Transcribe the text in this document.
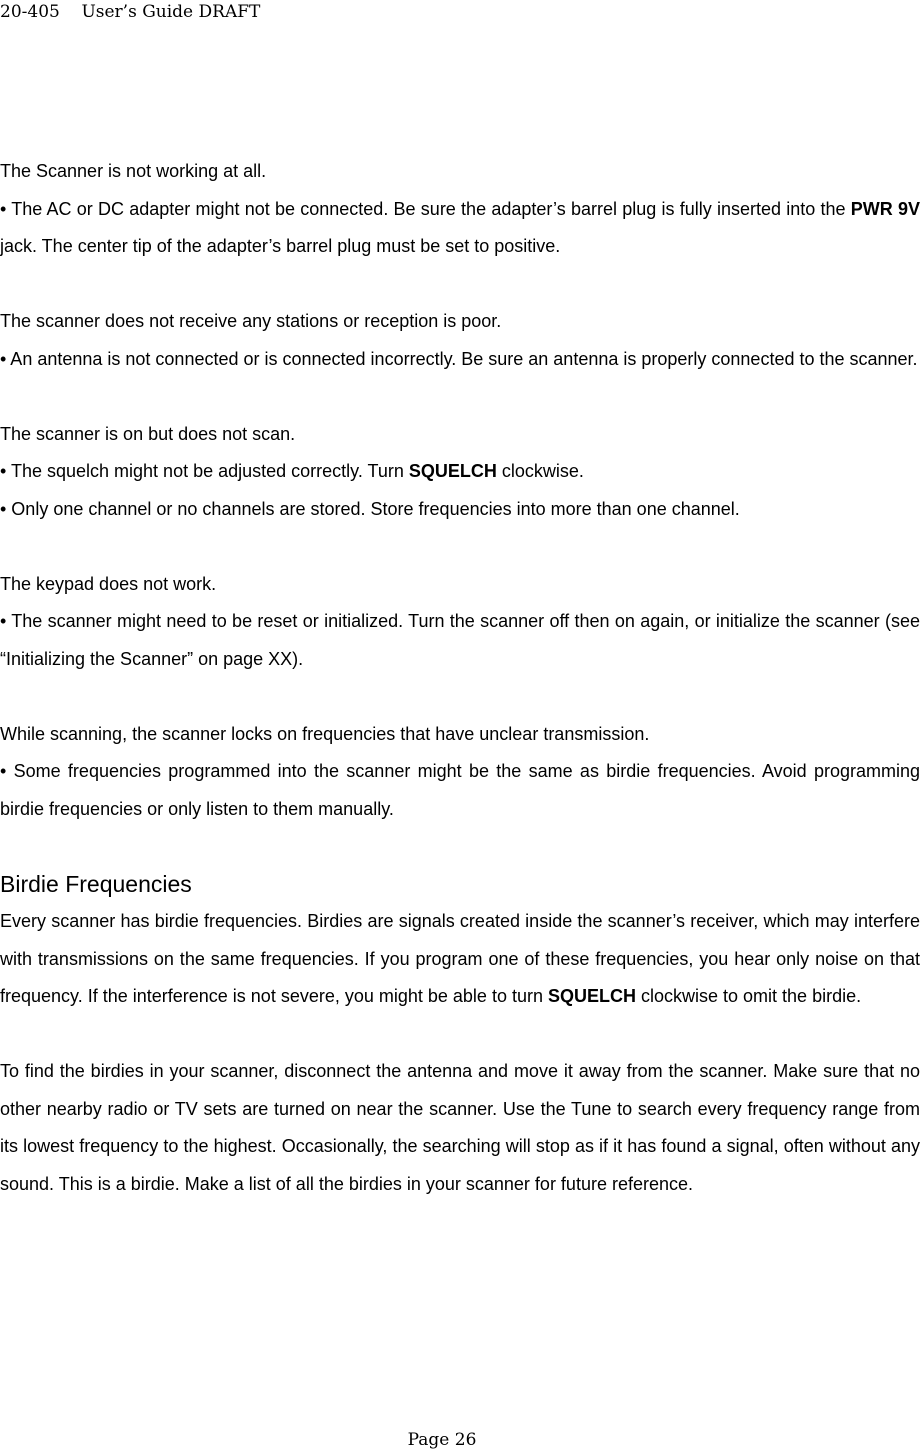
20-405    User’s Guide DRAFT

The Scanner is not working at all.

• The AC or DC adapter might not be connected. Be sure the adapter’s barrel plug is fully inserted into the PWR 9V jack. The center tip of the adapter’s barrel plug must be set to positive.

The scanner does not receive any stations or reception is poor.

• An antenna is not connected or is connected incorrectly. Be sure an antenna is properly connected to the scanner.

The scanner is on but does not scan.

• The squelch might not be adjusted correctly. Turn SQUELCH clockwise.

• Only one channel or no channels are stored. Store frequencies into more than one channel.

The keypad does not work.

• The scanner might need to be reset or initialized. Turn the scanner off then on again, or initialize the scanner (see “Initializing the Scanner” on page XX).

While scanning, the scanner locks on frequencies that have unclear transmission.

• Some frequencies programmed into the scanner might be the same as birdie frequencies. Avoid programming birdie frequencies or only listen to them manually.

Birdie Frequencies

Every scanner has birdie frequencies. Birdies are signals created inside the scanner’s receiver, which may interfere with transmissions on the same frequencies. If you program one of these frequencies, you hear only noise on that frequency. If the interference is not severe, you might be able to turn SQUELCH clockwise to omit the birdie.

To find the birdies in your scanner, disconnect the antenna and move it away from the scanner. Make sure that no other nearby radio or TV sets are turned on near the scanner. Use the Tune to search every frequency range from its lowest frequency to the highest. Occasionally, the searching will stop as if it has found a signal, often without any sound. This is a birdie. Make a list of all the birdies in your scanner for future reference.

Page 26
